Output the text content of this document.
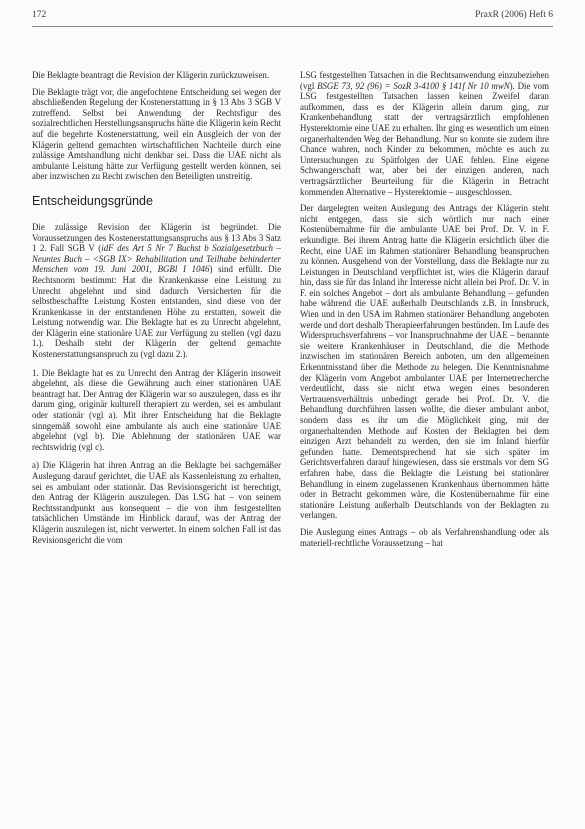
172	PraxR (2006) Heft 6

Die Beklagte beantragt die Revision der Klägerin zurückzuweisen.

Die Beklagte trägt vor, die angefochtene Entscheidung sei wegen der abschließenden Regelung der Kostenerstattung in § 13 Abs 3 SGB V zutreffend. Selbst bei Anwendung der Rechtsfigur des sozialrechtlichen Herstellungsanspruchs hätte die Klägerin kein Recht auf die begehrte Kostenerstattung, weil ein Ausgleich der von der Klägerin geltend gemachten wirtschaftlichen Nachteile durch eine zulässige Amtshandlung nicht denkbar sei. Dass die UAE nicht als ambulante Leistung hätte zur Verfügung gestellt werden können, sei aber inzwischen zu Recht zwischen den Beteiligten unstreitig.

Entscheidungsgründe

Die zulässige Revision der Klägerin ist begründet. Die Voraussetzungen des Kostenerstattungsanspruchs aus § 13 Abs 3 Satz 1 2. Fall SGB V (idF des Art 5 Nr 7 Buchst b Sozialgesetzbuch – Neuntes Buch – <SGB IX> Rehabilitation und Teilhabe behinderter Menschen vom 19. Juni 2001, BGBl I 1046) sind erfüllt. Die Rechtsnorm bestimmt: Hat die Krankenkasse eine Leistung zu Unrecht abgelehnt und sind dadurch Versicherten für die selbstbeschaffte Leistung Kosten entstanden, sind diese von der Krankenkasse in der entstandenen Höhe zu erstatten, soweit die Leistung notwendig war. Die Beklagte hat es zu Unrecht abgelehnt, der Klägerin eine stationäre UAE zur Verfügung zu stellen (vgl dazu 1.). Deshalb steht der Klägerin der geltend gemachte Kostenerstattungsanspruch zu (vgl dazu 2.).

1. Die Beklagte hat es zu Unrecht den Antrag der Klägerin insoweit abgelehnt, als diese die Gewährung auch einer stationären UAE beantragt hat. Der Antrag der Klägerin war so auszulegen, dass es ihr darum ging, originär kulturell therapiert zu werden, sei es ambulant oder stationär (vgl a). Mit ihrer Entscheidung hat die Beklagte sinngemäß sowohl eine ambulante als auch eine stationäre UAE abgelehnt (vgl b). Die Ablehnung der stationären UAE war rechtswidrig (vgl c).

a) Die Klägerin hat ihren Antrag an die Beklagte bei sachgemäßer Auslegung darauf gerichtet, die UAE als Kassenleistung zu erhalten, sei es ambulant oder stationär. Das Revisionsgericht ist berechtigt, den Antrag der Klägerin auszulegen. Das LSG hat – von seinem Rechtsstandpunkt aus konsequent – die von ihm festgestellten tatsächlichen Umstände im Hinblick darauf, was der Antrag der Klägerin auszulegen ist, nicht verwertet. In einem solchen Fall ist das Revisionsgericht die vom

LSG festgestellten Tatsachen in die Rechtsanwendung einzubeziehen (vgl BSGE 73, 92 (96) = SozR 3-4100 § 141f Nr 10 mwN). Die vom LSG festgestellten Tatsachen lassen keinen Zweifel daran aufkommen, dass es der Klägerin allein darum ging, zur Krankenbehandlung statt der vertragsärztlich empfohlenen Hysterektomie eine UAE zu erhalten. Ihr ging es wesentlich um einen organerhaltenden Weg der Behandlung. Nur so konnte sie zudem ihre Chance wahren, noch Kinder zu bekommen, möchte es auch zu Untersuchungen zu Spätfolgen der UAE fehlen. Eine eigene Schwangerschaft war, aber bei der einzigen anderen, nach vertragsärztlicher Beurteilung für die Klägerin in Betracht kommenden Alternative – Hysterektomie – ausgeschlossen.

Der dargelegten weiten Auslegung des Antrags der Klägerin steht nicht entgegen, dass sie sich wörtlich nur nach einer Kostenübernahme für die ambulante UAE bei Prof. Dr. V. in F. erkundigte. Bei ihrem Antrag hatte die Klägerin ersichtlich über die Recht, eine UAE im Rahmen stationärer Behandlung beanspruchen zu können. Ausgehend von der Vorstellung, dass die Beklagte nur zu Leistungen in Deutschland verpflichtet ist, wies die Klägerin darauf hin, dass sie für das Inland ihr Interesse nicht allein bei Prof. Dr. V. in F. ein solches Angebot – dort als ambulante Behandlung – gefunden habe während die UAE außerhalb Deutschlands z.B. in Innsbruck, Wien und in den USA im Rahmen stationärer Behandlung angeboten werde und dort deshalb Therapieerfahrungen bestünden. Im Laufe des Widerspruchsverfahrens – vor Inanspruchnahme der UAE – benannte sie weitere Krankenhäuser in Deutschland, die die Methode inzwischen im stationären Bereich anboten, um den allgemeinen Erkenntnisstand über die Methode zu belegen. Die Kenntnisnahme der Klägerin vom Angebot ambulanter UAE per Internetrecherche verdeutlicht, dass sie nicht etwa wegen eines besonderen Vertrauensverhältnis unbedingt gerade bei Prof. Dr. V. die Behandlung durchführen lassen wollte, die dieser ambulant anbot, sondern dass es ihr um die Möglichkeit ging, mit der organerhaltenden Methode auf Kosten der Beklagten bei dem einzigen Arzt behandelt zu werden, den sie im Inland hierfür gefunden hatte. Dementsprechend hat sie sich später im Gerichtsverfahren darauf hingewiesen, dass sie erstmals vor dem SG erfahren habe, dass die Beklagte die Leistung bei stationärer Behandlung in einem zugelassenen Krankenhaus übernommen hätte oder in Betracht gekommen wäre, die Kostenübernahme für eine stationäre Leistung außerhalb Deutschlands von der Beklagten zu verlangen.

Die Auslegung eines Antrags – ob als Verfahrenshandlung oder als materiell-rechtliche Voraussetzung – hat
